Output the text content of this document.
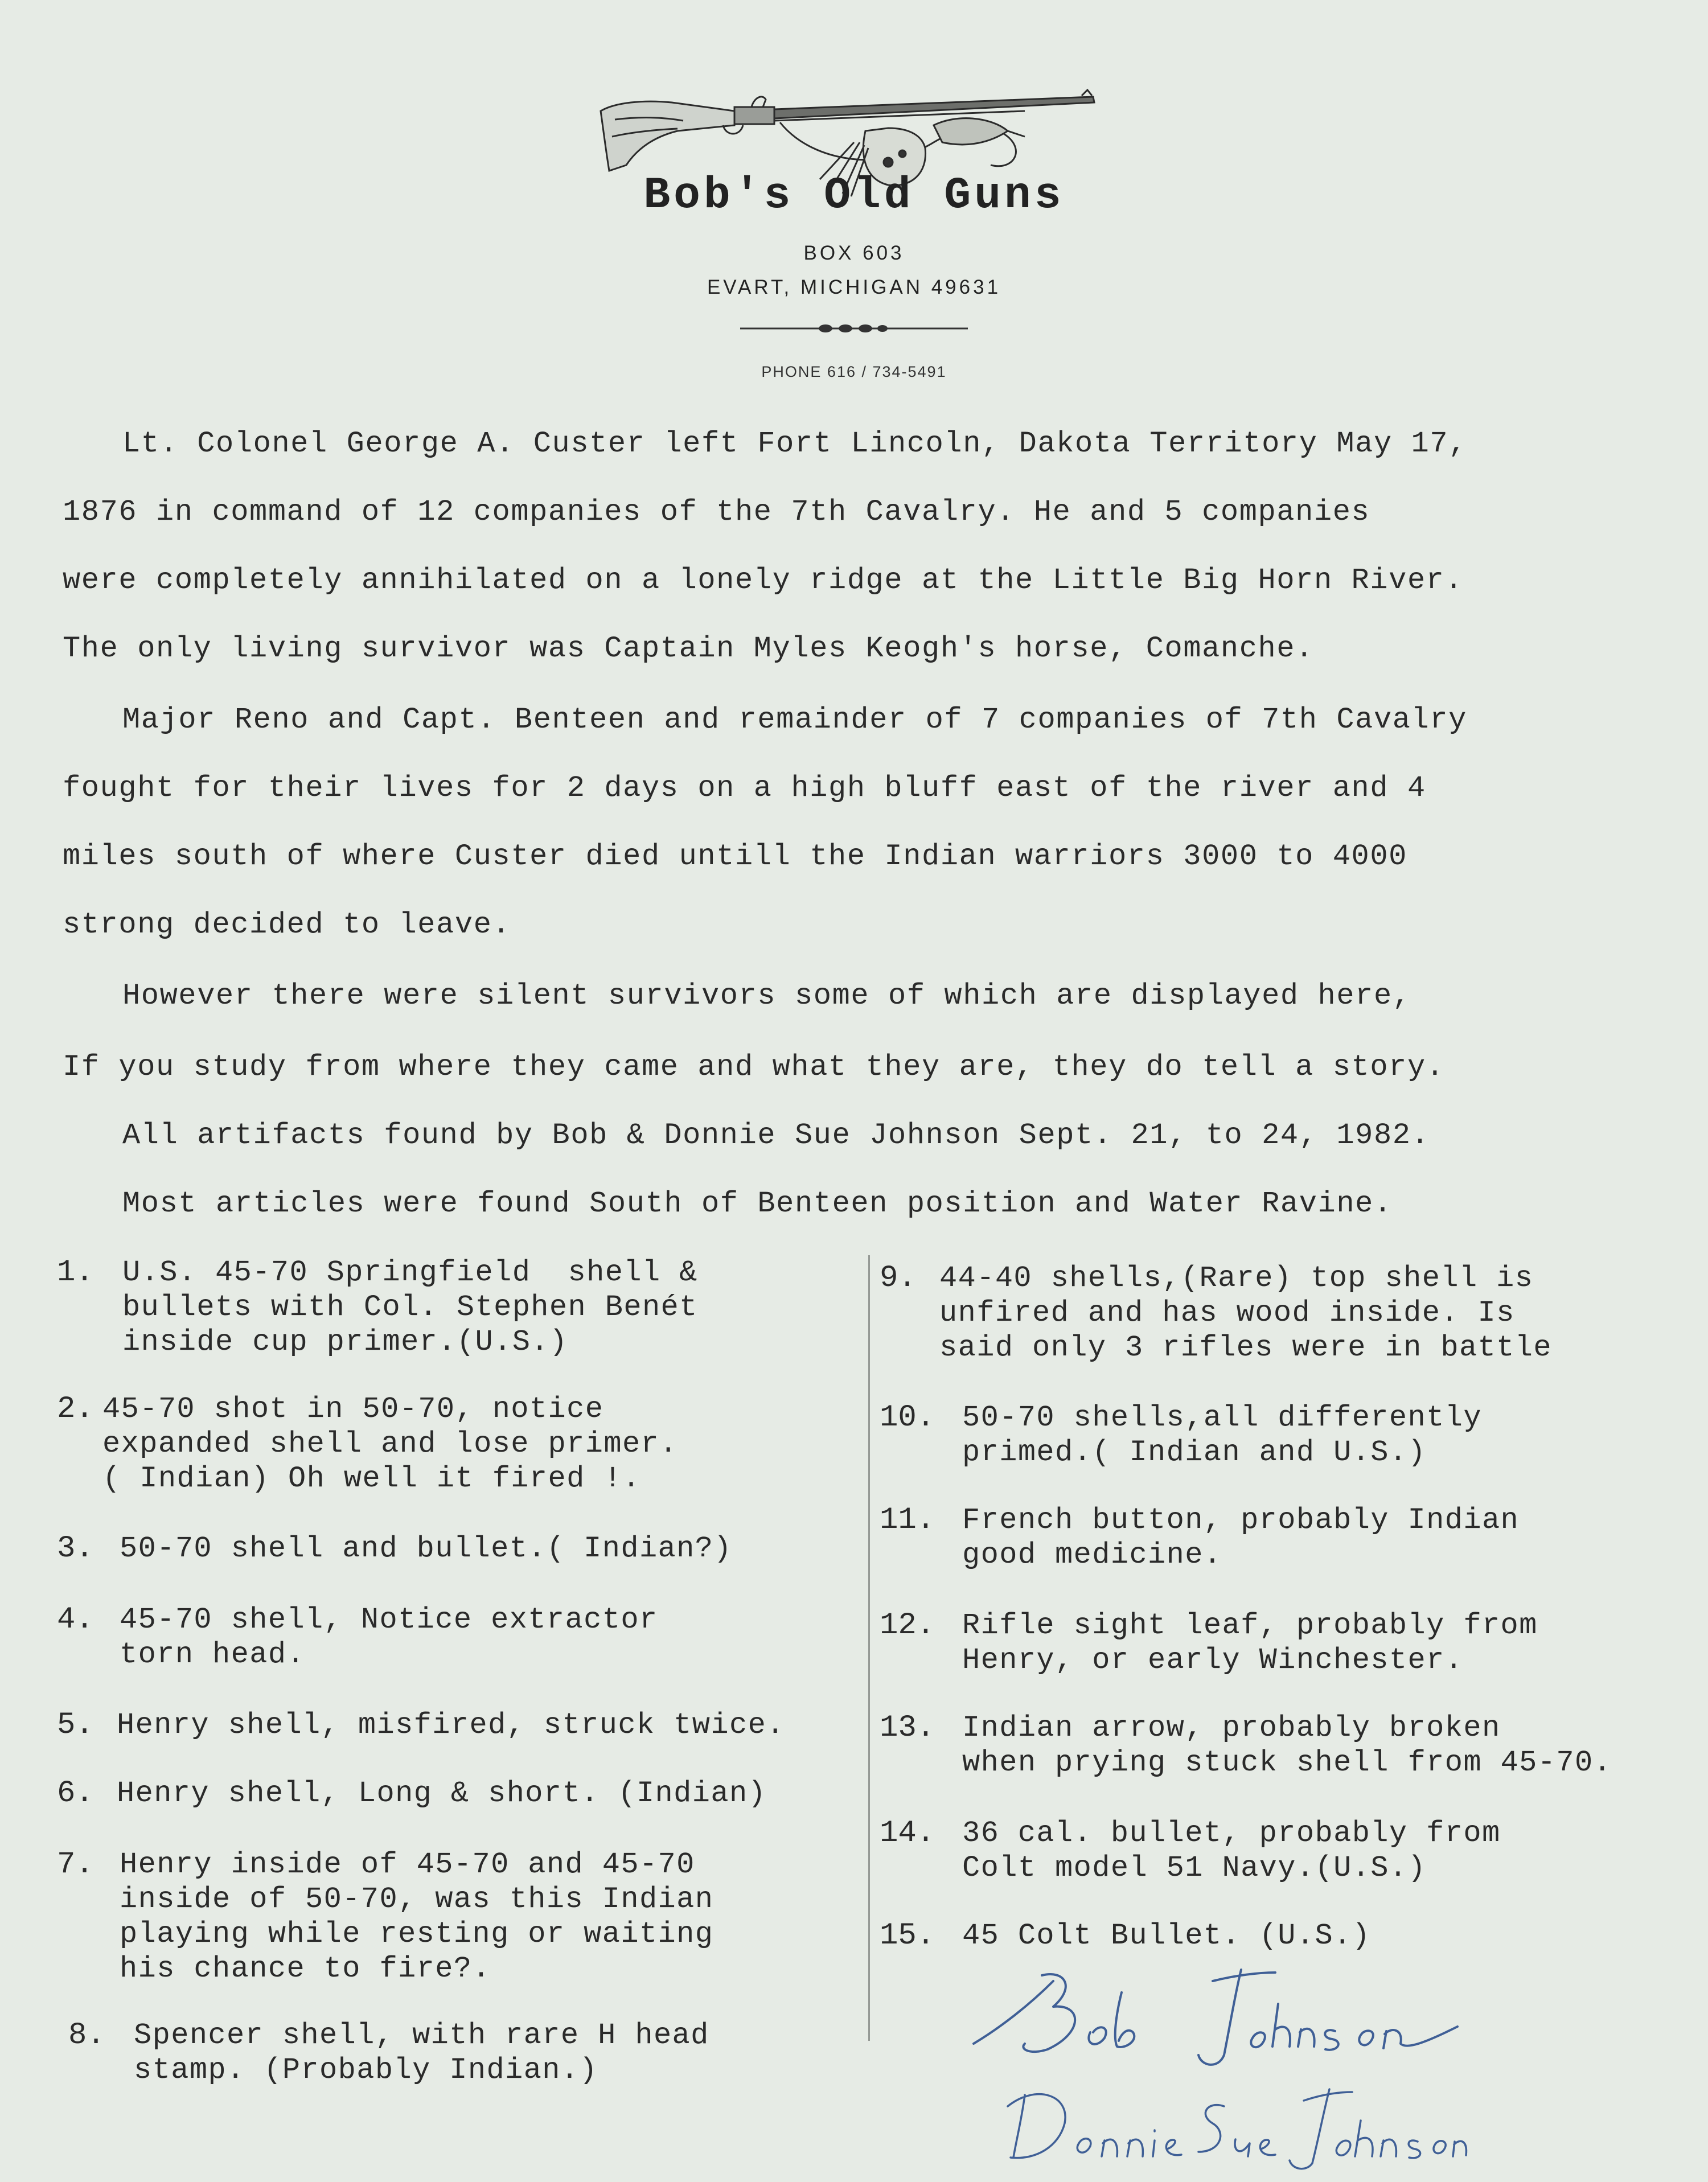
Bob's Old Guns
BOX 603
EVART, MICHIGAN 49631
PHONE 616 / 734-5491
Lt. Colonel George A. Custer left Fort Lincoln, Dakota Territory May 17,
1876 in command of 12 companies of the 7th Cavalry. He and 5 companies
were completely annihilated on a lonely ridge at the Little Big Horn River.
The only living survivor was Captain Myles Keogh's horse, Comanche.
Major Reno and Capt. Benteen and remainder of 7 companies of 7th Cavalry
fought for their lives for 2 days on a high bluff east of the river and 4
miles south of where Custer died untill the Indian warriors 3000 to 4000
strong decided to leave.
However there were silent survivors some of which are displayed here,
If you study from where they came and what they are, they do tell a story.
All artifacts found by Bob & Donnie Sue Johnson Sept. 21, to 24, 1982.
Most articles were found South of Benteen position and Water Ravine.
1. U.S. 45-70 Springfield  shell &
bullets with Col. Stephen Benét
inside cup primer.(U.S.)
2. 45-70 shot in 50-70, notice
expanded shell and lose primer.
( Indian) Oh well it fired !.
3. 50-70 shell and bullet.( Indian?)
4. 45-70 shell, Notice extractor
torn head.
5. Henry shell, misfired, struck twice.
6. Henry shell, Long & short. (Indian)
7. Henry inside of 45-70 and 45-70
inside of 50-70, was this Indian
playing while resting or waiting
his chance to fire?.
8. Spencer shell, with rare H head
stamp. (Probably Indian.)
9. 44-40 shells,(Rare) top shell is
unfired and has wood inside. Is
said only 3 rifles were in battle
10. 50-70 shells,all differently
primed.( Indian and U.S.)
11. French button, probably Indian
good medicine.
12. Rifle sight leaf, probably from
Henry, or early Winchester.
13. Indian arrow, probably broken
when prying stuck shell from 45-70.
14. 36 cal. bullet, probably from
Colt model 51 Navy.(U.S.)
15. 45 Colt Bullet. (U.S.)
